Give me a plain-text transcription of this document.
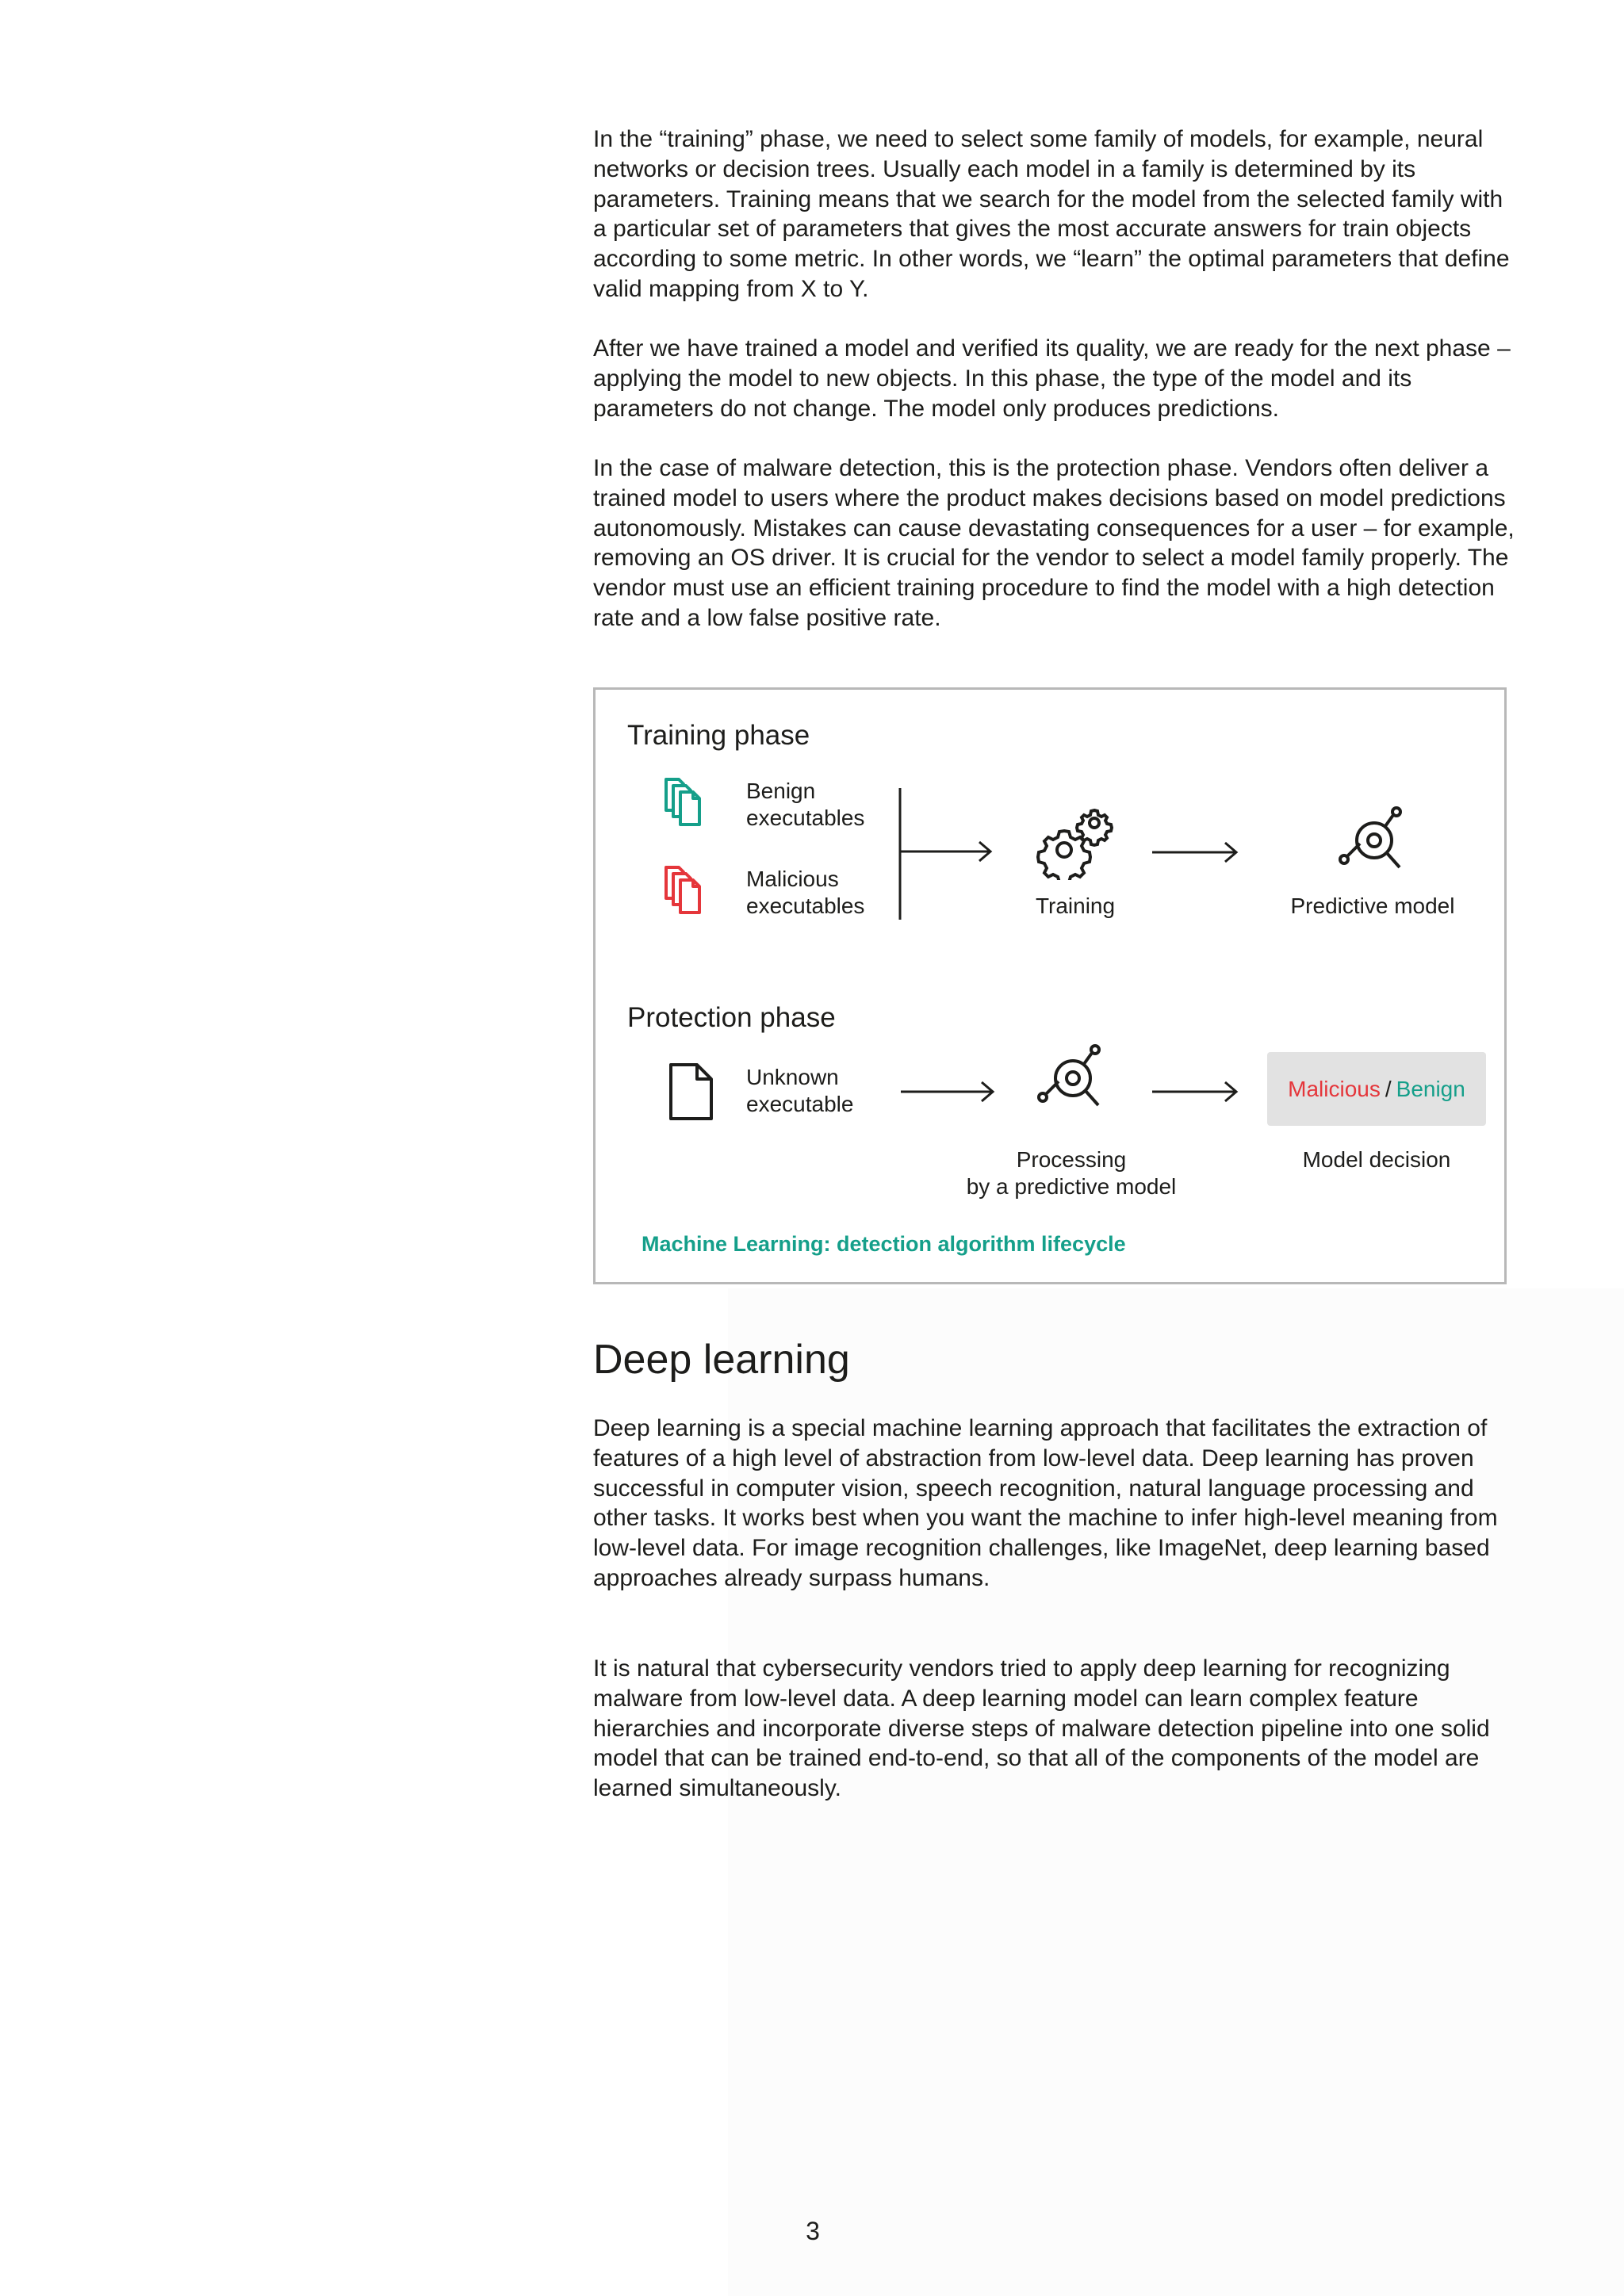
In the “training” phase, we need to select some family of models, for example, neural networks or decision trees. Usually each model in a family is determined by its parameters. Training means that we search for the model from the selected family with a particular set of parameters that gives the most accurate answers for train objects according to some metric. In other words, we “learn” the optimal parameters that define valid mapping from X to Y.

After we have trained a model and verified its quality, we are ready for the next phase – applying the model to new objects. In this phase, the type of the model and its parameters do not change. The model only produces predictions.

In the case of malware detection, this is the protection phase. Vendors often deliver a trained model to users where the product makes decisions based on model predictions autonomously. Mistakes can cause devastating consequences for a user – for example, removing an OS driver. It is crucial for the vendor to select a model family properly. The vendor must use an efficient training procedure to find the model with a high detection rate and a low false positive rate.

Training phase
Benign
executables
Malicious
executables	Training	Predictive model
Protection phase
Unknown
executable
Processing
by a predictive model
Malicious / Benign
Model decision
Machine Learning: detection algorithm lifecycle
Deep learning

Deep learning is a special machine learning approach that facilitates the extraction of features of a high level of abstraction from low-level data. Deep learning has proven successful in computer vision, speech recognition, natural language processing and other tasks. It works best when you want the machine to infer high-level meaning from low-level data. For image recognition challenges, like ImageNet, deep learning based approaches already surpass humans.

It is natural that cybersecurity vendors tried to apply deep learning for recognizing malware from low-level data. A deep learning model can learn complex feature hierarchies and incorporate diverse steps of malware detection pipeline into one solid model that can be trained end-to-end, so that all of the components of the model are learned simultaneously.

3
